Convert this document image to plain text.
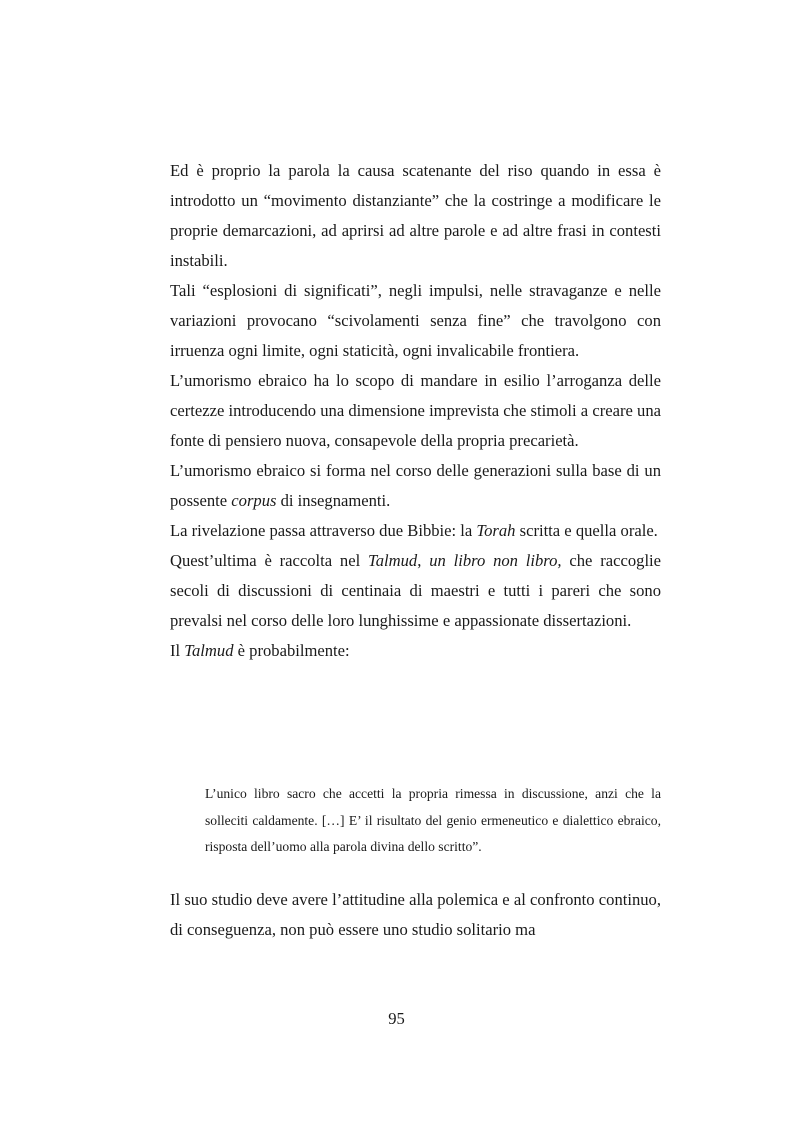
Ed è proprio la parola la causa scatenante del riso quando in essa è introdotto un “movimento distanziante” che la costringe a modificare le proprie demarcazioni, ad aprirsi ad altre parole e ad altre frasi in contesti instabili.

Tali “esplosioni di significati”, negli impulsi, nelle stravaganze e nelle variazioni provocano “scivolamenti senza fine” che travolgono con irruenza ogni limite, ogni staticità, ogni invalicabile frontiera.

L’umorismo ebraico ha lo scopo di mandare in esilio l’arroganza delle certezze introducendo una dimensione imprevista che stimoli a creare una fonte di pensiero nuova, consapevole della propria precarietà.

L’umorismo ebraico si forma nel corso delle generazioni sulla base di un possente corpus di insegnamenti.

La rivelazione passa attraverso due Bibbie: la Torah scritta e quella orale.

Quest’ultima è raccolta nel Talmud, un libro non libro, che raccoglie secoli di discussioni di centinaia di maestri e tutti i pareri che sono prevalsi nel corso delle loro lunghissime e appassionate dissertazioni.

Il Talmud è probabilmente:

L’unico libro sacro che accetti la propria rimessa in discussione, anzi che la solleciti caldamente. […] E’ il risultato del genio ermeneutico e dialettico ebraico, risposta dell’uomo alla parola divina dello scritto”.

Il suo studio deve avere l’attitudine alla polemica e al confronto continuo, di conseguenza, non può essere uno studio solitario ma

95
